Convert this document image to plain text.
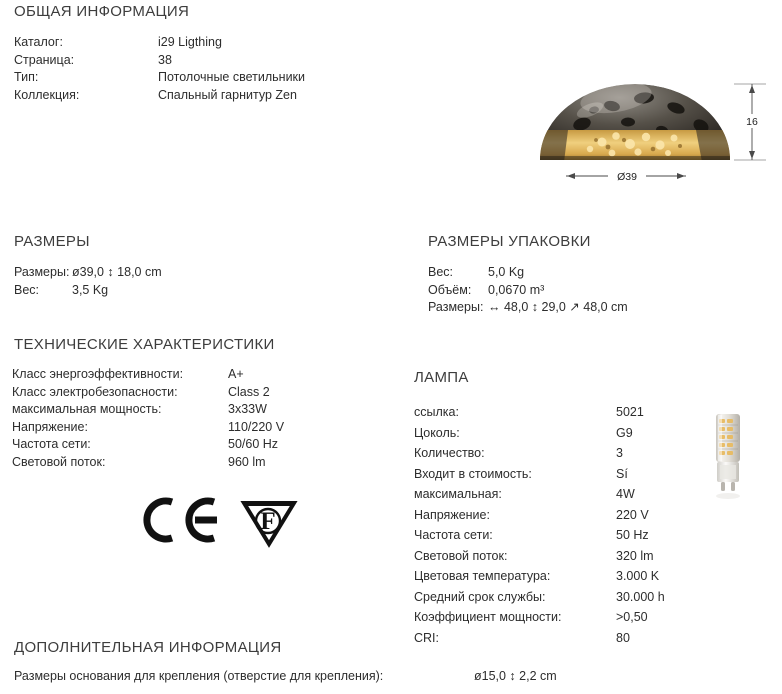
ОБЩАЯ ИНФОРМАЦИЯ
Каталог:	i29 Ligthing
Страница:	38
Тип:	Потолочные светильники
Коллекция:	Спальный гарнитур Zen
16
Ø39
РАЗМЕРЫ
Размеры: ø39,0 ↕ 18,0 cm
Вес:	3,5 Kg
РАЗМЕРЫ УПАКОВКИ
Вес:	5,0 Kg
Объём:	0,0670 m³
Размеры: ↔ 48,0 ↕ 29,0 ↗ 48,0 cm
ТЕХНИЧЕСКИЕ ХАРАКТЕРИСТИКИ
Класс энергоэффективности:	A+
Класс электробезопасности:	Class 2
максимальная мощность:	3x33W
Напряжение:	110/220 V
Частота сети:	50/60 Hz
Световой поток:	960 lm
F
ЛАМПА
ссылка:	5021
Цоколь:	G9
Количество:	3
Входит в стоимость:	Sí
максимальная:	4W
Напряжение:	220 V
Частота сети:	50 Hz
Световой поток:	320 lm
Цветовая температура:	3.000 K
Средний срок службы:	30.000 h
Коэффициент мощности:	>0,50
CRI:	80
ДОПОЛНИТЕЛЬНАЯ ИНФОРМАЦИЯ
Размеры основания для крепления (отверстие для крепления):	ø15,0 ↕ 2,2 cm
